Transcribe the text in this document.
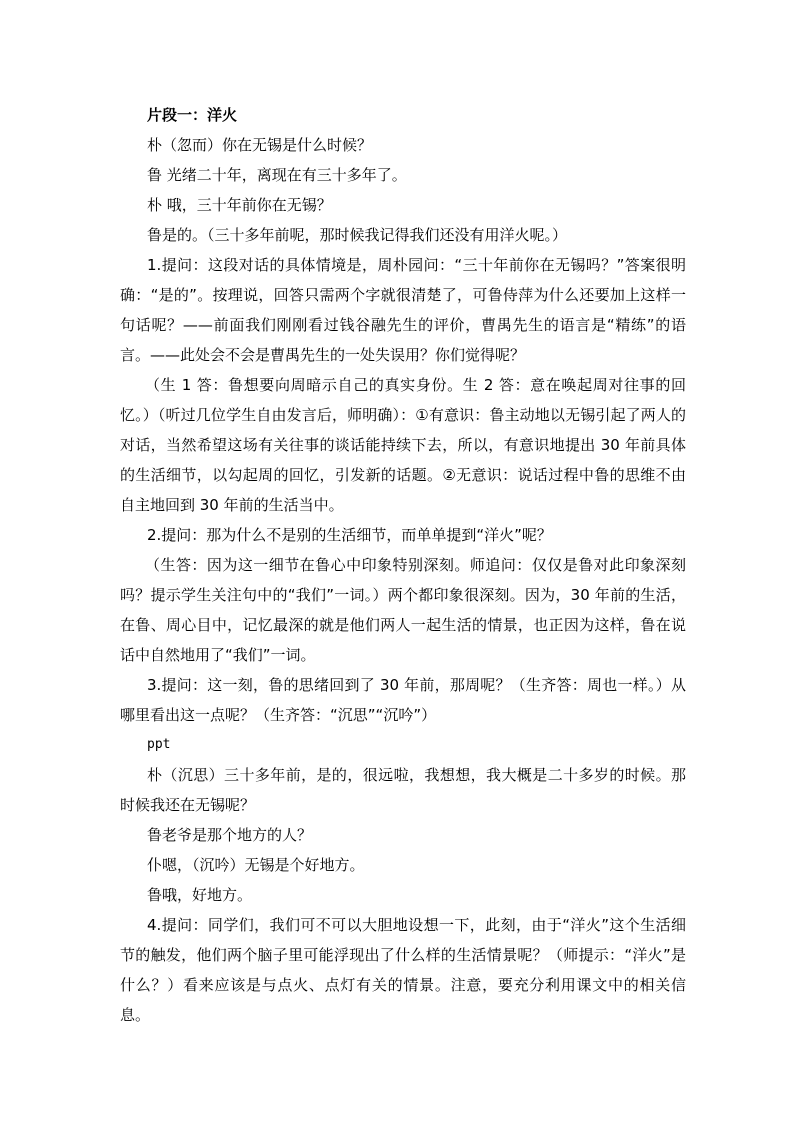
片段一：洋火

朴（忽而）你在无锡是什么时候？

鲁 光绪二十年，离现在有三十多年了。

朴 哦，三十年前你在无锡？

鲁是的。（三十多年前呢，那时候我记得我们还没有用洋火呢。）

1.提问：这段对话的具体情境是，周朴园问：“三十年前你在无锡吗？”答案很明确：“是的”。按理说，回答只需两个字就很清楚了，可鲁侍萍为什么还要加上这样一句话呢？——前面我们刚刚看过钱谷融先生的评价，曹禺先生的语言是“精练”的语言。——此处会不会是曹禺先生的一处失误用？你们觉得呢？

（生 1 答：鲁想要向周暗示自己的真实身份。生 2 答：意在唤起周对往事的回忆。）（听过几位学生自由发言后，师明确）：①有意识：鲁主动地以无锡引起了两人的对话，当然希望这场有关往事的谈话能持续下去，所以，有意识地提出 30 年前具体的生活细节，以勾起周的回忆，引发新的话题。②无意识：说话过程中鲁的思维不由自主地回到 30 年前的生活当中。

2.提问：那为什么不是别的生活细节，而单单提到“洋火”呢？

（生答：因为这一细节在鲁心中印象特别深刻。师追问：仅仅是鲁对此印象深刻吗？提示学生关注句中的“我们”一词。）两个都印象很深刻。因为，30 年前的生活，在鲁、周心目中，记忆最深的就是他们两人一起生活的情景，也正因为这样，鲁在说话中自然地用了“我们”一词。

3.提问：这一刻，鲁的思绪回到了 30 年前，那周呢？（生齐答：周也一样。）从哪里看出这一点呢？（生齐答：“沉思”“沉吟”）

ppt

朴（沉思）三十多年前，是的，很远啦，我想想，我大概是二十多岁的时候。那时候我还在无锡呢？

鲁老爷是那个地方的人？

仆嗯，（沉吟）无锡是个好地方。

鲁哦，好地方。

4.提问：同学们，我们可不可以大胆地设想一下，此刻，由于“洋火”这个生活细节的触发，他们两个脑子里可能浮现出了什么样的生活情景呢？（师提示：“洋火”是什么？）看来应该是与点火、点灯有关的情景。注意，要充分利用课文中的相关信息。
